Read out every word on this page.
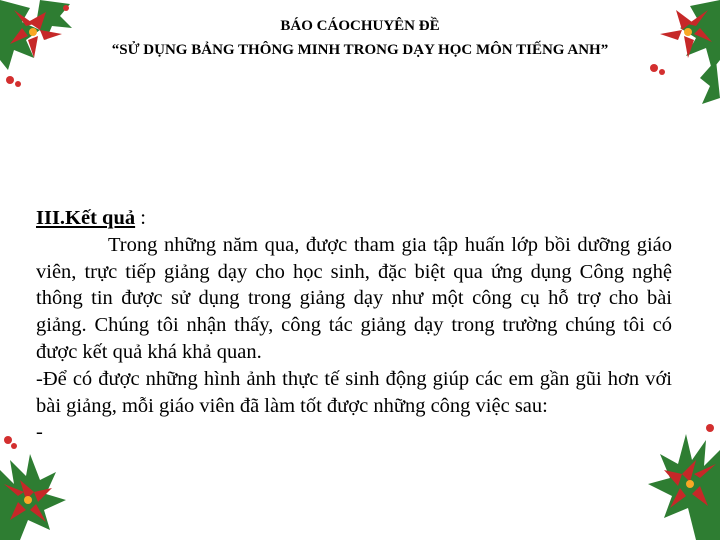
BÁO CÁOCHUYÊN ĐỀ
“SỬ DỤNG BẢNG THÔNG MINH TRONG DẠY HỌC MÔN TIẾNG ANH”

III.Kết quả :

Trong những năm qua, được tham gia tập huấn lớp bồi dưỡng giáo viên, trực tiếp giảng dạy cho học sinh, đặc biệt qua ứng dụng Công nghệ thông tin được sử dụng trong giảng dạy như một công cụ hỗ trợ cho bài giảng. Chúng tôi nhận thấy, công tác giảng dạy trong trường chúng tôi có được kết quả khá khả quan.

-Để có được những hình ảnh thực tế sinh động giúp các em gần gũi hơn với bài giảng, mỗi giáo viên đã làm tốt được những công việc sau:

-
